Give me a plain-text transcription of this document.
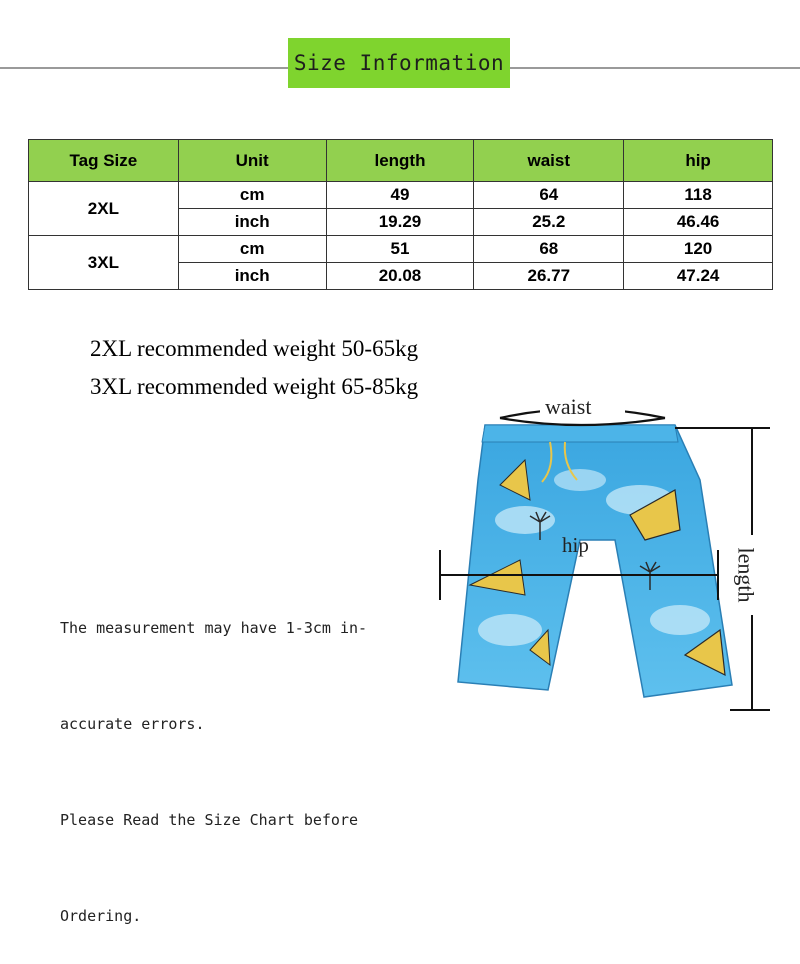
Size Information
Tag Size	Unit	length	waist	hip
2XL	cm	49	64	118
	inch	19.29	25.2	46.46
3XL	cm	51	68	120
	inch	20.08	26.77	47.24
2XL recommended weight 50-65kg
3XL recommended weight 65-85kg

The measurement may have 1-3cm in-

accurate errors.

Please Read the Size Chart before

Ordering.

waist
hip
length
